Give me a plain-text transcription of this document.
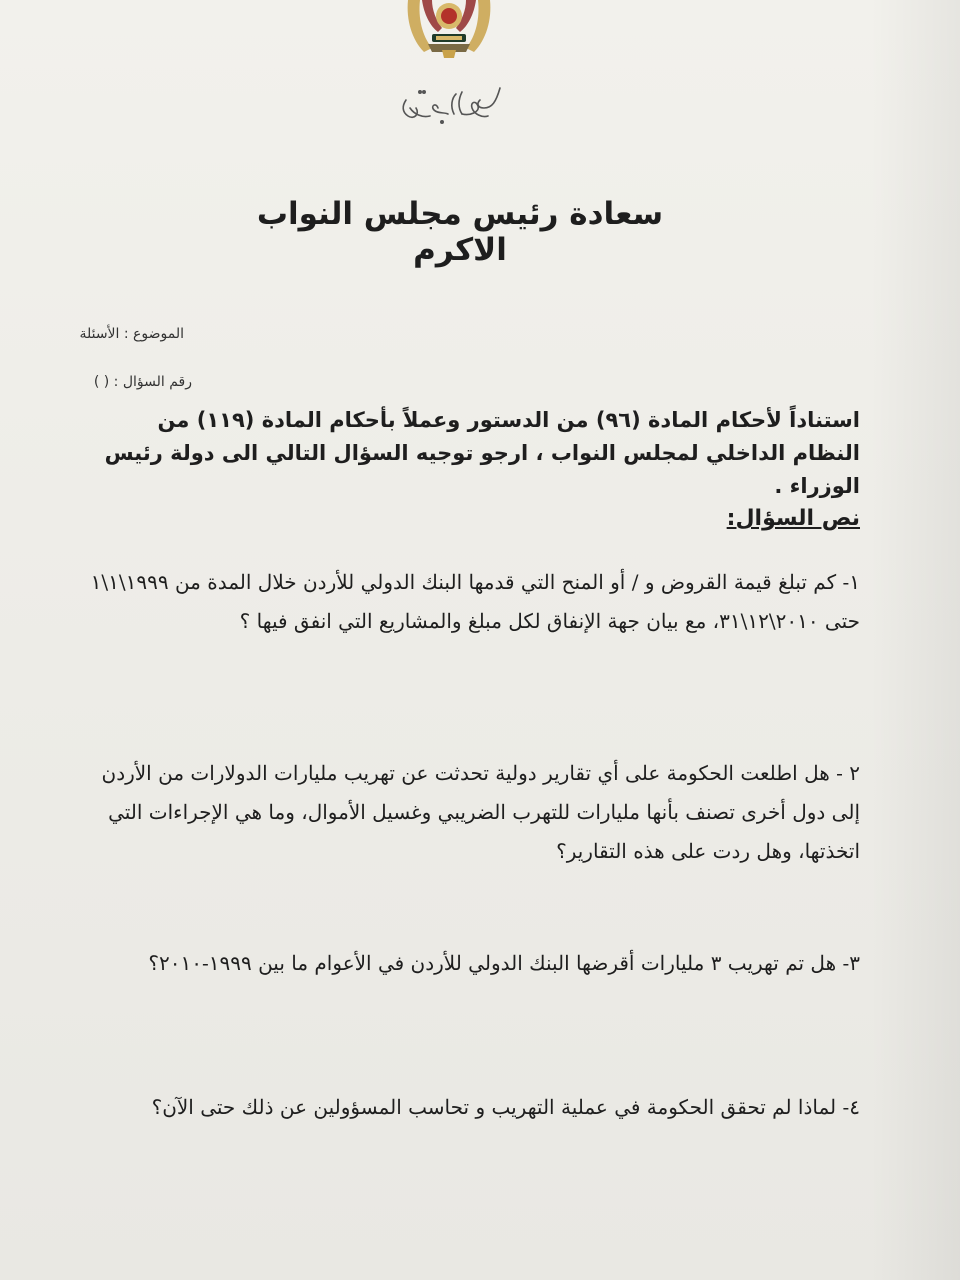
سعادة رئيس مجلس النواب الاكرم
الموضوع : الأسئلة
رقم السؤال : ( )

استناداً لأحكام المادة (٩٦) من الدستور وعملاً بأحكام المادة (١١٩) من النظام الداخلي لمجلس النواب ، ارجو توجيه السؤال التالي الى دولة رئيس الوزراء .

نص السؤال:

١- كم تبلغ قيمة القروض و / أو المنح التي قدمها البنك الدولي للأردن خلال المدة من ١٩٩٩\١\١ حتى ٢٠١٠\١٢\٣١، مع بيان جهة الإنفاق لكل مبلغ والمشاريع التي انفق فيها ؟

٢ - هل اطلعت الحكومة على أي تقارير دولية تحدثت عن تهريب مليارات الدولارات من الأردن إلى دول أخرى تصنف بأنها مليارات للتهرب الضريبي وغسيل الأموال، وما هي الإجراءات التي اتخذتها، وهل ردت على هذه التقارير؟

٣- هل تم تهريب ٣ مليارات أقرضها البنك الدولي للأردن في الأعوام ما بين ١٩٩٩-٢٠١٠؟

٤- لماذا لم تحقق الحكومة في عملية التهريب و تحاسب المسؤولين عن ذلك حتى الآن؟
